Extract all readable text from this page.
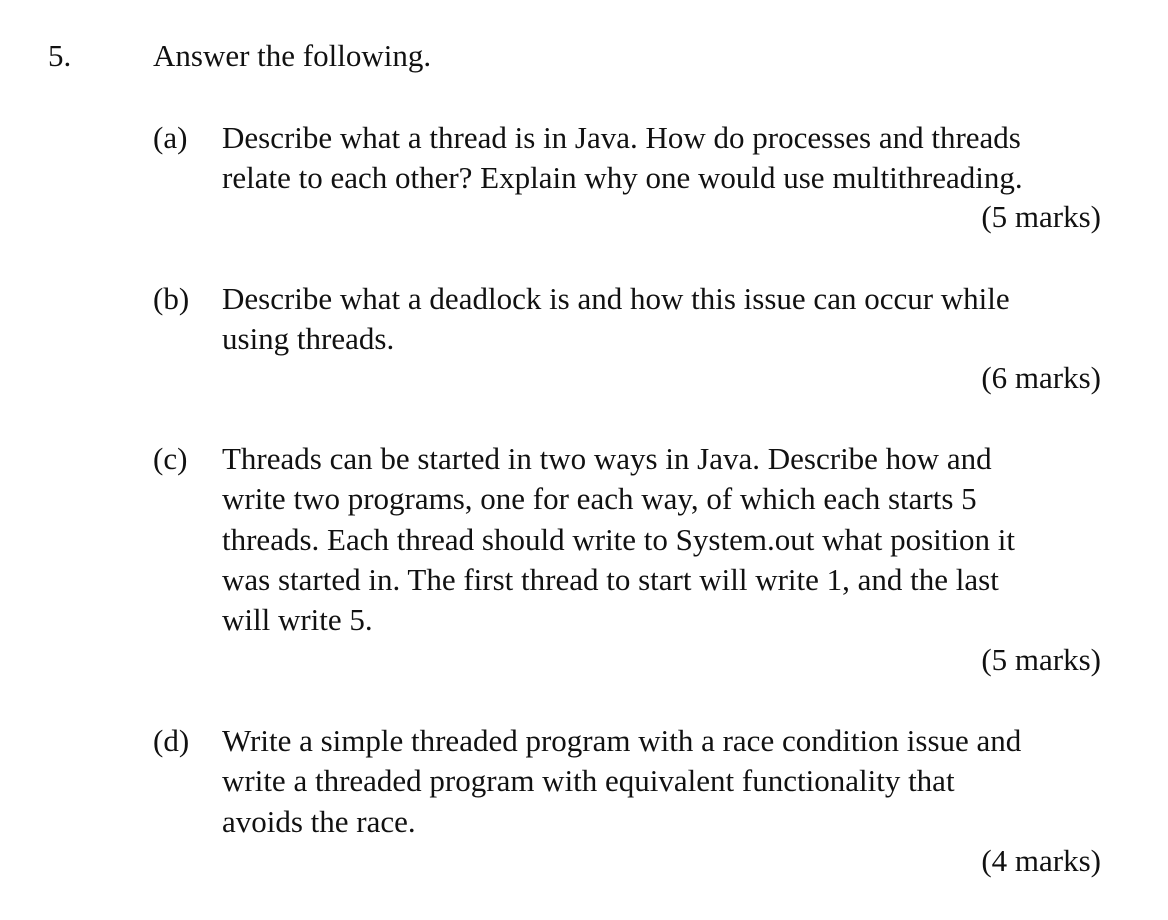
5.	Answer the following.
(a) Describe what a thread is in Java. How do processes and threads
relate to each other? Explain why one would use multithreading.
(5 marks)
(b) Describe what a deadlock is and how this issue can occur while
using threads.
(6 marks)
(c) Threads can be started in two ways in Java. Describe how and
write two programs, one for each way, of which each starts 5
threads. Each thread should write to System.out what position it
was started in. The first thread to start will write 1, and the last
will write 5.
(5 marks)
(d) Write a simple threaded program with a race condition issue and
write a threaded program with equivalent functionality that
avoids the race.
(4 marks)
